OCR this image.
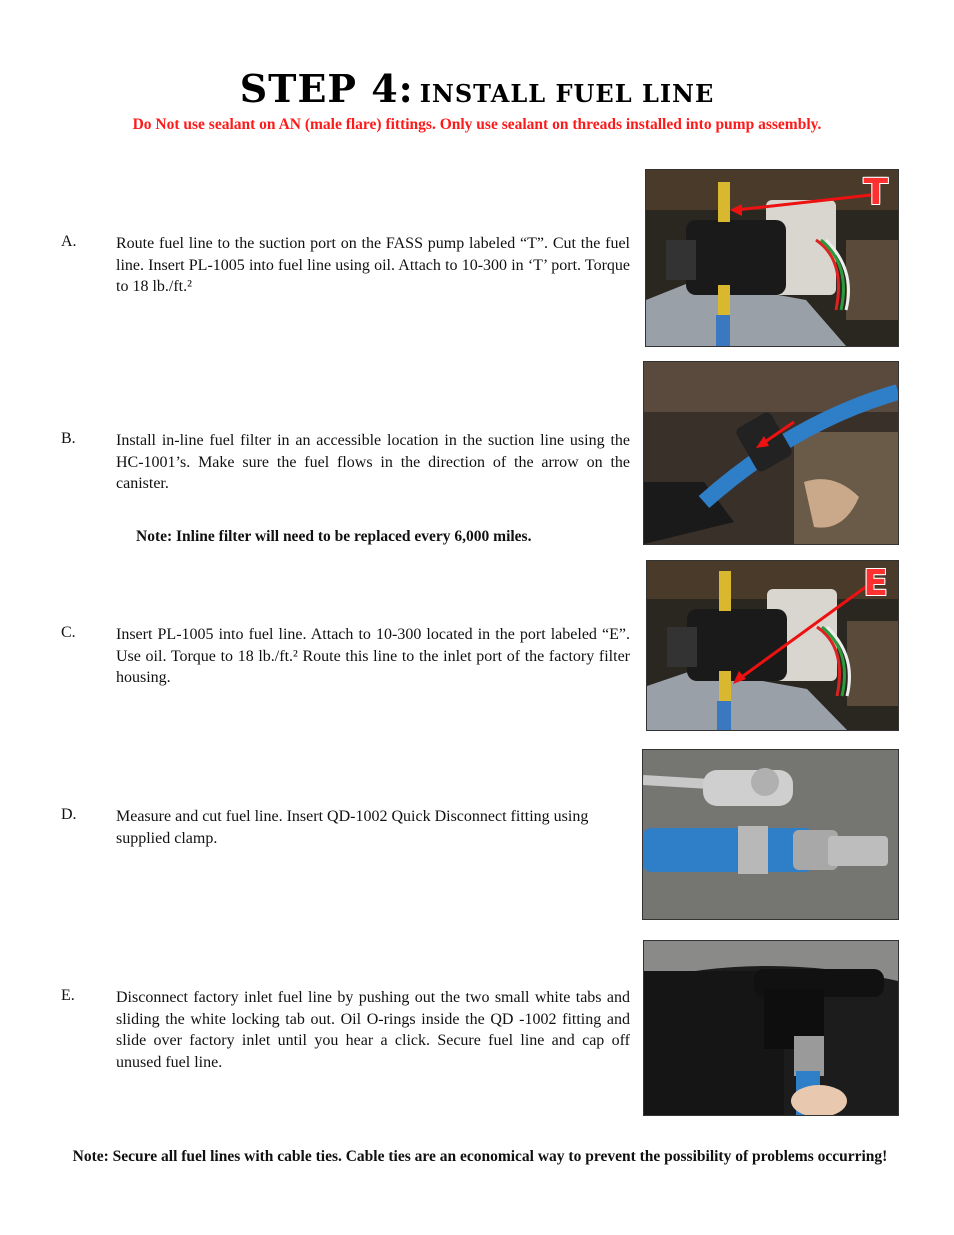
STEP 4: INSTALL FUEL LINE
Do Not use sealant on AN (male flare) fittings. Only use sealant on threads installed into pump assembly.
A. Route fuel line to the suction port on the FASS pump labeled “T”. Cut the fuel line. Insert PL-1005 into fuel line using oil. Attach to 10-300 in ‘T’ port. Torque to 18 lb./ft.²
B.	Install in-line fuel filter in an accessible location in the suction line using the HC-1001’s. Make sure the fuel flows in the direction of the arrow on the canister.
Note: Inline filter will need to be replaced every 6,000 miles.
C.	Insert PL-1005 into fuel line. Attach to 10-300 located in the port labeled “E”. Use oil. Torque to 18 lb./ft.² Route this line to the inlet port of the factory filter housing.
D. Measure and cut fuel line. Insert QD-1002 Quick Disconnect fitting using supplied clamp.
E.	Disconnect factory inlet fuel line by pushing out the two small white tabs and sliding the white locking tab out. Oil O-rings inside the QD -1002 fitting and slide over factory inlet until you hear a click. Secure fuel line and cap off unused fuel line.
Note: Secure all fuel lines with cable ties. Cable ties are an economical way to prevent the possibility of problems occurring!
T
E
